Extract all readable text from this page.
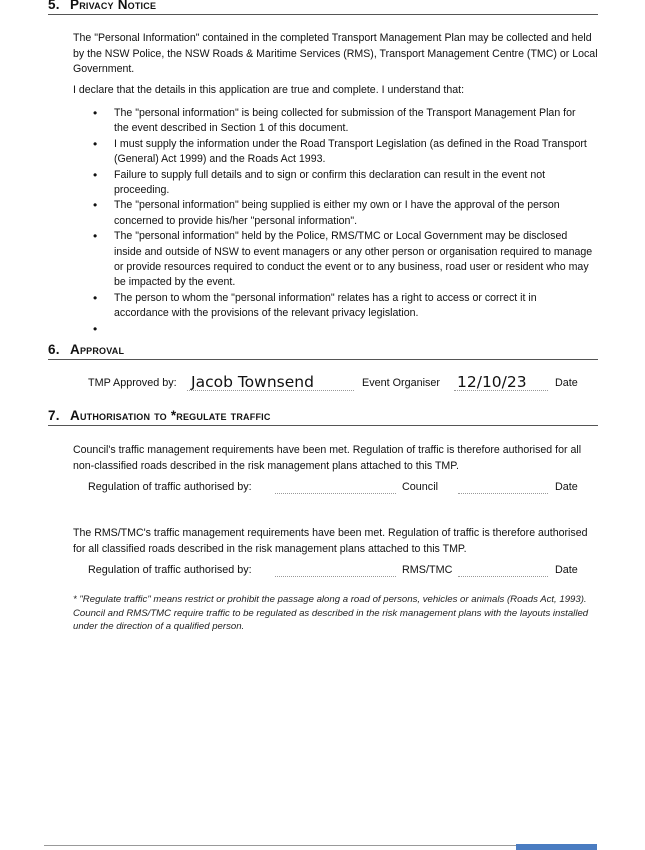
5. Privacy Notice
The "Personal Information" contained in the completed Transport Management Plan may be collected and held by the NSW Police, the NSW Roads & Maritime Services (RMS), Transport Management Centre (TMC) or Local Government.
I declare that the details in this application are true and complete. I understand that:
• The "personal information" is being collected for submission of the Transport Management Plan for the event described in Section 1 of this document.
• I must supply the information under the Road Transport Legislation (as defined in the Road Transport (General) Act 1999) and the Roads Act 1993.
• Failure to supply full details and to sign or confirm this declaration can result in the event not proceeding.
• The "personal information" being supplied is either my own or I have the approval of the person concerned to provide his/her "personal information".
• The "personal information" held by the Police, RMS/TMC or Local Government may be disclosed inside and outside of NSW to event managers or any other person or organisation required to manage or provide resources required to conduct the event or to any business, road user or resident who may be impacted by the event.
• The person to whom the "personal information" relates has a right to access or correct it in accordance with the provisions of the relevant privacy legislation.
•

6. Approval
TMP Approved by: Jacob Townsend	Event Organiser 12/10/23	Date
7. Authorisation to *regulate traffic
Council's traffic management requirements have been met. Regulation of traffic is therefore authorised for all non-classified roads described in the risk management plans attached to this TMP.
Regulation of traffic authorised by:	Council	Date
The RMS/TMC's traffic management requirements have been met. Regulation of traffic is therefore authorised for all classified roads described in the risk management plans attached to this TMP.
Regulation of traffic authorised by:	RMS/TMC	Date
* "Regulate traffic" means restrict or prohibit the passage along a road of persons, vehicles or animals (Roads Act, 1993). Council and RMS/TMC require traffic to be regulated as described in the risk management plans with the layouts installed under the direction of a qualified person.
